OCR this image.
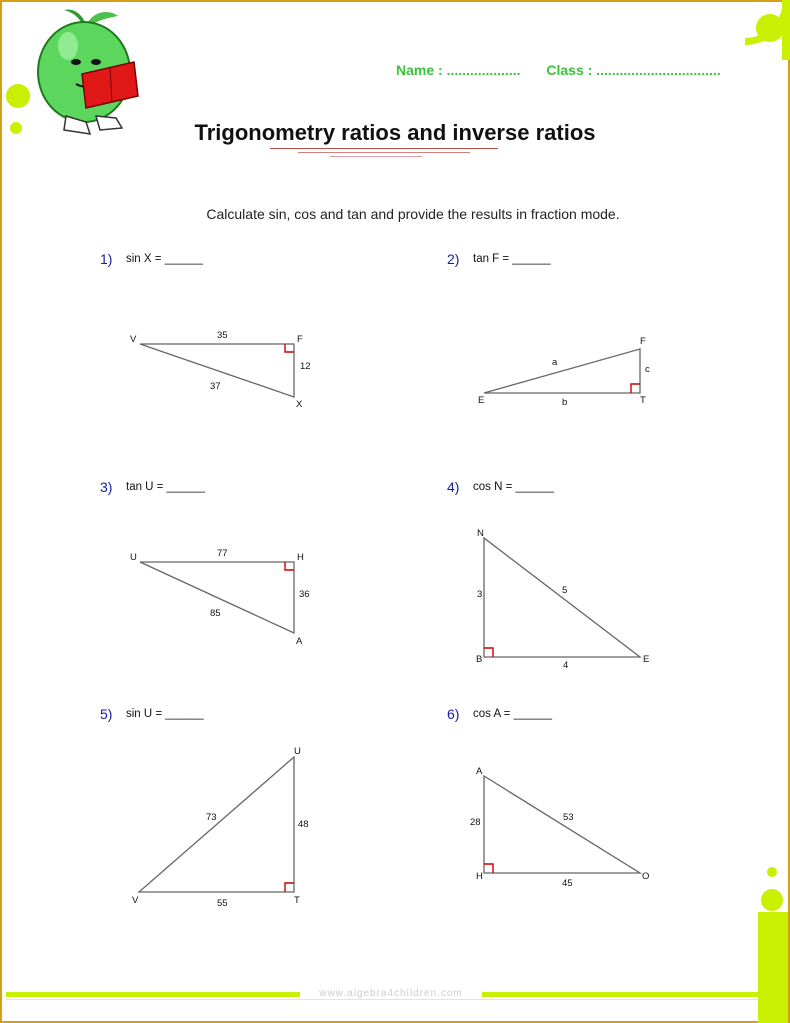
Name : ................... Class : ................................
Trigonometry ratios and inverse ratios
Calculate sin, cos and tan and provide the results in fraction mode.
1) sin X = ______	2) tan F = ______
3) tan U = ______	4) cos N = ______
5) sin U = ______	6) cos A = ______
V	F
X
35
12
37
E	T
F
b
c
a
U	H
A
77
36
85
N
B	E
3
4
5
V	T
U
55
48
73
A
H	O
28
45
53
www.algebra4children.com
